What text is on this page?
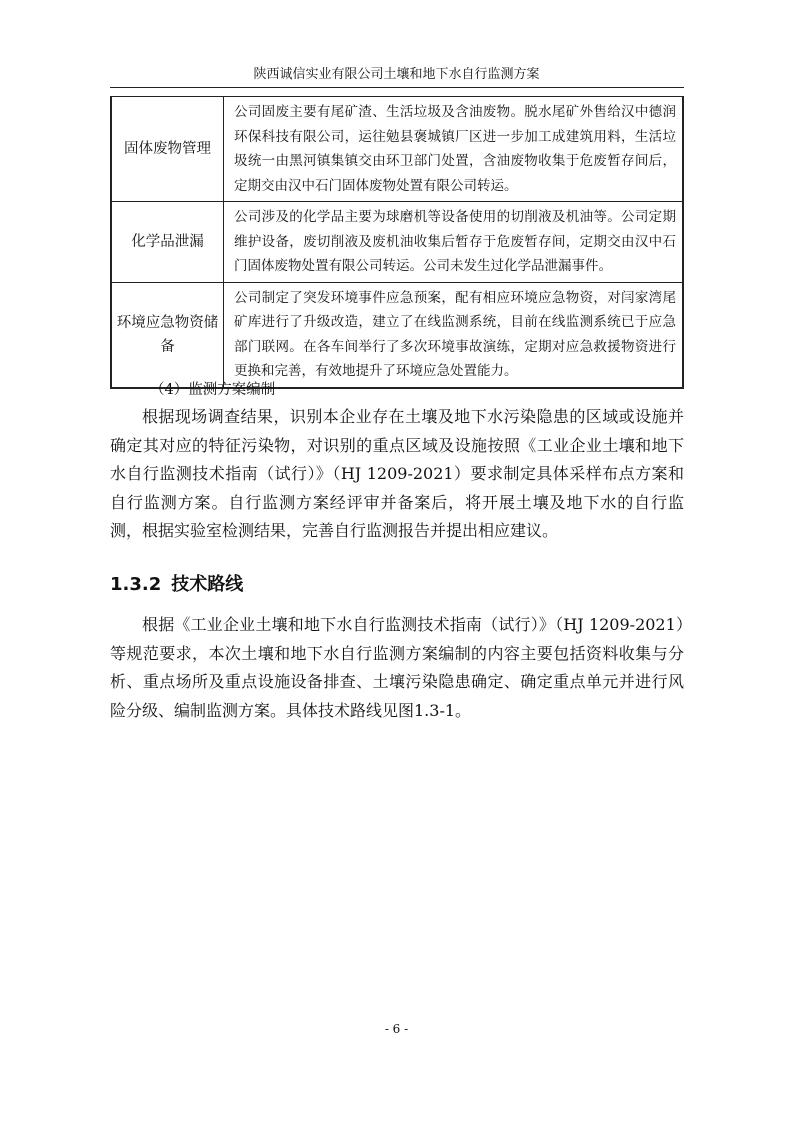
陕西诚信实业有限公司土壤和地下水自行监测方案
固体废物管理	公司固废主要有尾矿渣、生活垃圾及含油废物。脱水尾矿外售给汉中德润环保科技有限公司，运往勉县褒城镇厂区进一步加工成建筑用料，生活垃圾统一由黑河镇集镇交由环卫部门处置，含油废物收集于危废暂存间后，定期交由汉中石门固体废物处置有限公司转运。
化学品泄漏	公司涉及的化学品主要为球磨机等设备使用的切削液及机油等。公司定期维护设备，废切削液及废机油收集后暂存于危废暂存间，定期交由汉中石门固体废物处置有限公司转运。公司未发生过化学品泄漏事件。
环境应急物资储备	公司制定了突发环境事件应急预案，配有相应环境应急物资，对闫家湾尾矿库进行了升级改造，建立了在线监测系统，目前在线监测系统已于应急部门联网。在各车间举行了多次环境事故演练，定期对应急救援物资进行更换和完善，有效地提升了环境应急处置能力。
（4）监测方案编制

根据现场调查结果，识别本企业存在土壤及地下水污染隐患的区域或设施并确定其对应的特征污染物，对识别的重点区域及设施按照《工业企业土壤和地下水自行监测技术指南（试行）》（HJ 1209-2021）要求制定具体采样布点方案和自行监测方案。自行监测方案经评审并备案后，将开展土壤及地下水的自行监测，根据实验室检测结果，完善自行监测报告并提出相应建议。

1.3.2 技术路线

根据《工业企业土壤和地下水自行监测技术指南（试行）》（HJ 1209-2021）等规范要求，本次土壤和地下水自行监测方案编制的内容主要包括资料收集与分析、重点场所及重点设施设备排查、土壤污染隐患确定、确定重点单元并进行风险分级、编制监测方案。具体技术路线见图1.3-1。

- 6 -
